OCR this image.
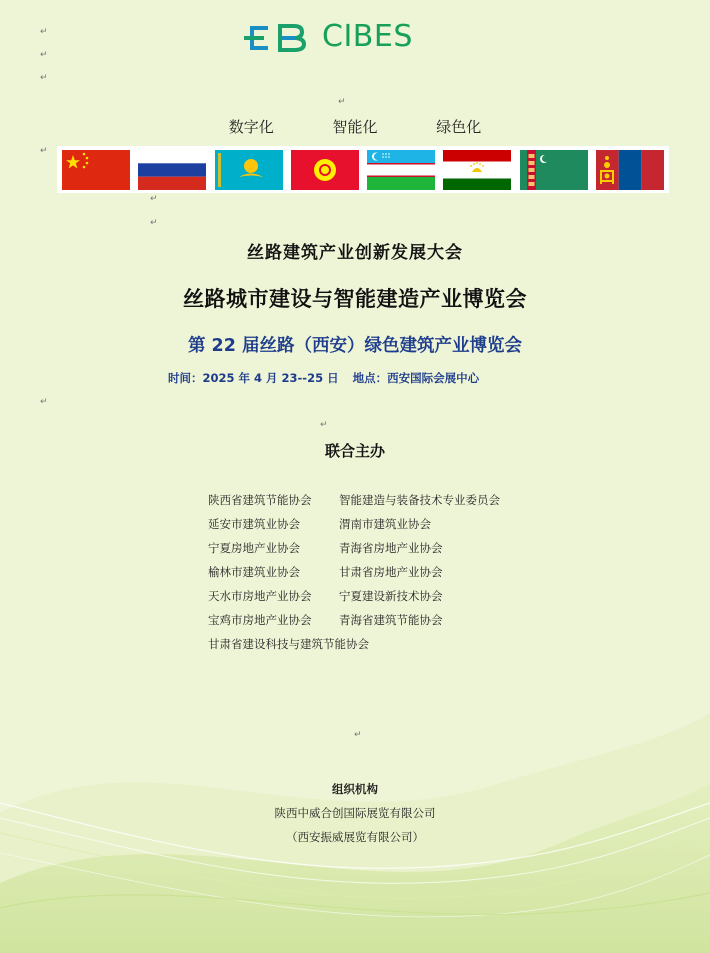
CIBES
↵
↵
↵
↵
↵
↵
↵
↵
↵
↵
数字化	智能化	绿色化
丝路建筑产业创新发展大会
丝路城市建设与智能建造产业博览会
第 22 届丝路（西安）绿色建筑产业博览会
时间：2025 年 4 月 23--25 日 地点：西安国际会展中心
联合主办
陕西省建筑节能协会	智能建造与装备技术专业委员会
延安市建筑业协会	渭南市建筑业协会
宁夏房地产业协会	青海省房地产业协会
榆林市建筑业协会	甘肃省房地产业协会
天水市房地产业协会	宁夏建设新技术协会
宝鸡市房地产业协会	青海省建筑节能协会
甘肃省建设科技与建筑节能协会
组织机构
陕西中威合创国际展览有限公司
（西安振威展览有限公司）
